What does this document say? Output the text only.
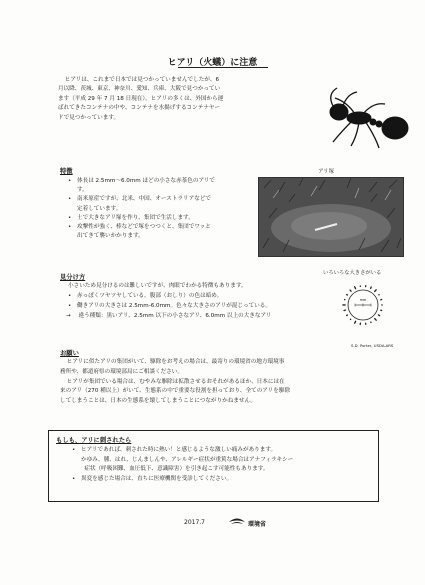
ヒアリ（火蟻）に注意

ヒアリは、これまで日本では見つかっていませんでしたが、6

月以降、茨城、東京、神奈川、愛知、兵庫、大阪で見つかってい
ます（平成 29 年 7 月 18 日現在）。ヒアリの多くは、外国から運
ばれてきたコンテナの中や、コンテナを水揚げするコンテナヤー
ドで見つかっています。
特徴
• 体長は 2.5mm〜6.0mm ほどの小さな赤茶色のアリで
す。
• 南米原産ですが、北米、中国、オーストラリアなどで
定着しています。
• 土で大きなアリ塚を作り、集団で生活します。
• 攻撃性が強く、棒などで塚をつつくと、集団でワッと
出てきて襲いかかります。
アリ塚
見分け方
小さいため見分けるのは難しいですが、肉眼でわかる特徴もあります。
• 赤っぽくツヤツヤしている。腹部（おしり）の色は暗め。
• 働きアリの大きさは 2.5mm-6.0mm。色々な大きさのアリが混じっている。
→ 違う種類：黒いアリ、2.5mm 以下の小さなアリ、6.0mm 以上の大きなアリ
いろいろな大きさがいる
mm
S.D. Porter, USDA-ARS
お願い
ヒアリに似たアリの集団がいて、駆除をお考えの場合は、最寄りの環境省の地方環境事
務所や、都道府県の環境部局にご相談ください。
ヒアリが集団でいる場合は、むやみな駆除は拡散させるおそれがあるほか、日本には在
来のアリ（270 種以上）がいて、生態系の中で重要な役割を担っており、全てのアリを駆除
してしまうことは、日本の生態系を壊してしまうことにつながりかねません。
もしも、アリに刺されたら
• ヒアリであれば、刺された時に熱い！と感じるような激しい痛みがあります。
かゆみ、腫、はれ、じんましんや、アレルギー症状が重篤な場合はアナフィラキシー
症状（呼吸困難、血圧低下、意識障害）を引き起こす可能性もあります。
• 異変を感じた場合は、直ちに医療機関を受診してください。
2017.7	環境省
